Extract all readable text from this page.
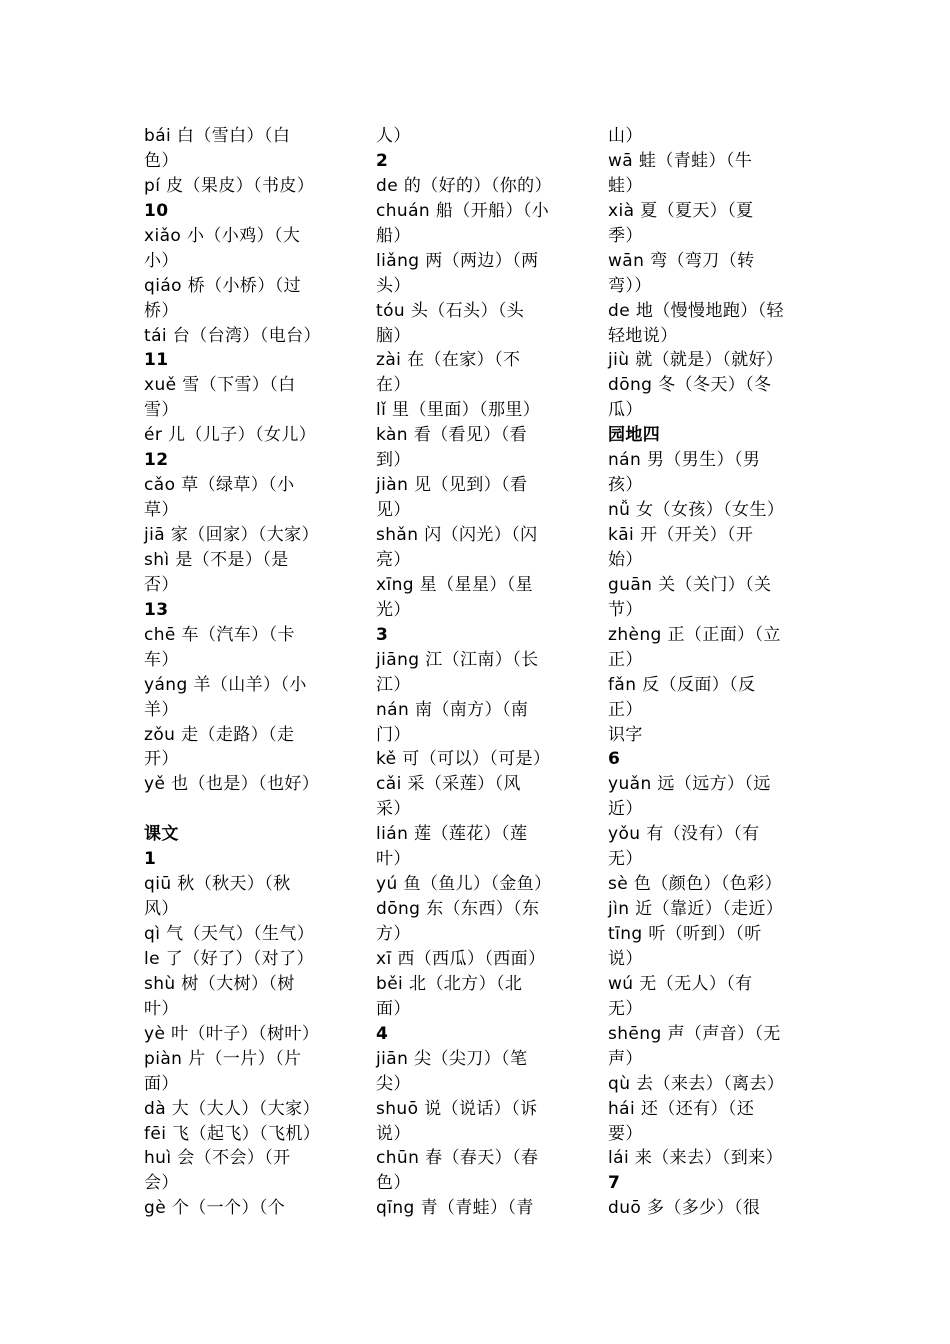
bái 白（雪白）（白
色）
pí 皮（果皮）（书皮）
10
xiǎo 小（小鸡）（大
小）
qiáo 桥（小桥）（过
桥）
tái 台（台湾）（电台）
11
xuě 雪（下雪）（白
雪）
ér 儿（儿子）（女儿）
12
cǎo 草（绿草）（小
草）
jiā 家（回家）（大家）
shì 是（不是）（是
否）
13
chē 车（汽车）（卡
车）
yáng 羊（山羊）（小
羊）
zǒu 走（走路）（走
开）
yě 也（也是）（也好）
课文
1
qiū 秋（秋天）（秋
风）
qì 气（天气）（生气）
le 了（好了）（对了）
shù 树（大树）（树
叶）
yè 叶（叶子）（树叶）
piàn 片（一片）（片
面）
dà 大（大人）（大家）
fēi 飞（起飞）（飞机）
huì 会（不会）（开
会）
gè 个（一个）（个
人）
2
de 的（好的）（你的）
chuán 船（开船）（小
船）
liǎng 两（两边）（两
头）
tóu 头（石头）（头
脑）
zài 在（在家）（不
在）
lǐ 里（里面）（那里）
kàn 看（看见）（看
到）
jiàn 见（见到）（看
见）
shǎn 闪（闪光）（闪
亮）
xīng 星（星星）（星
光）
3
jiāng 江（江南）（长
江）
nán 南（南方）（南
门）
kě 可（可以）（可是）
cǎi 采（采莲）（风
采）
lián 莲（莲花）（莲
叶）
yú 鱼（鱼儿）（金鱼）
dōng 东（东西）（东
方）
xī 西（西瓜）（西面）
běi 北（北方）（北
面）
4
jiān 尖（尖刀）（笔
尖）
shuō 说（说话）（诉
说）
chūn 春（春天）（春
色）
qīng 青（青蛙）（青
山）
wā 蛙（青蛙）（牛
蛙）
xià 夏（夏天）（夏
季）
wān 弯（弯刀（转
弯））
de 地（慢慢地跑）（轻
轻地说）
jiù 就（就是）（就好）
dōng 冬（冬天）（冬
瓜）
园地四
nán 男（男生）（男
孩）
nǚ 女（女孩）（女生）
kāi 开（开关）（开
始）
guān 关（关门）（关
节）
zhèng 正（正面）（立
正）
fǎn 反（反面）（反
正）
识字
6
yuǎn 远（远方）（远
近）
yǒu 有（没有）（有
无）
sè 色（颜色）（色彩）
jìn 近（靠近）（走近）
tīng 听（听到）（听
说）
wú 无（无人）（有
无）
shēng 声（声音）（无
声）
qù 去（来去）（离去）
hái 还（还有）（还
要）
lái 来（来去）（到来）
7
duō 多（多少）（很
